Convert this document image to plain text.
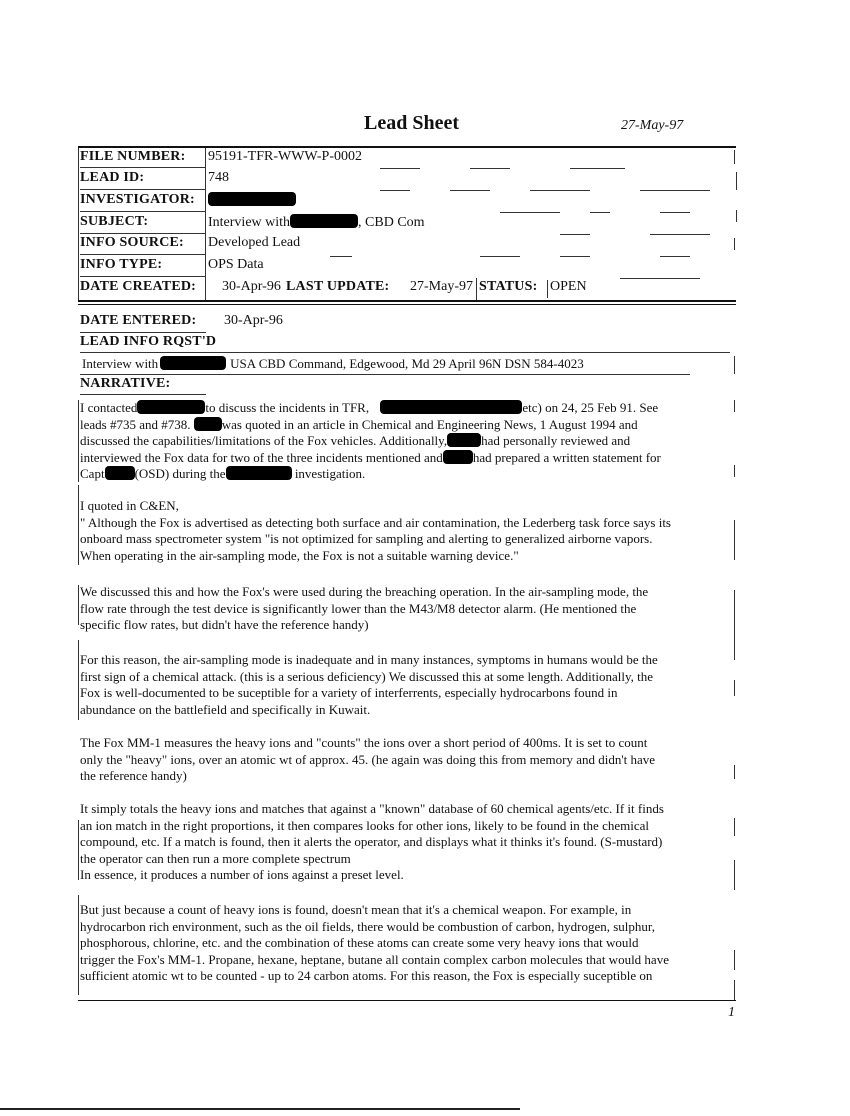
Lead Sheet	27-May-97
FILE NUMBER: 95191-TFR-WWW-P-0002
LEAD ID:	748
INVESTIGATOR:
SUBJECT:	Interview with	, CBD Com
INFO SOURCE: Developed Lead
INFO TYPE:	OPS Data
DATE CREATED: 30-Apr-96 LAST UPDATE: 27-May-97 STATUS: OPEN
DATE ENTERED: 30-Apr-96
LEAD INFO RQST'D
Interview with	USA CBD Command, Edgewood, Md 29 April 96N DSN 584-4023
NARRATIVE:
I contacted	to discuss the incidents in TFR,	etc) on 24, 25 Feb 91. See
leads #735 and #738. was quoted in an article in Chemical and Engineering News, 1 August 1994 and
discussed the capabilities/limitations of the Fox vehicles. Additionally,	had personally reviewed and
interviewed the Fox data for two of the three incidents mentioned and had prepared a written statement for
Capt (OSD) during the	investigation.
I quoted in C&EN,
" Although the Fox is advertised as detecting both surface and air contamination, the Lederberg task force says its
onboard mass spectrometer system "is not optimized for sampling and alerting to generalized airborne vapors.
When operating in the air-sampling mode, the Fox is not a suitable warning device."
We discussed this and how the Fox's were used during the breaching operation. In the air-sampling mode, the
flow rate through the test device is significantly lower than the M43/M8 detector alarm. (He mentioned the
specific flow rates, but didn't have the reference handy)
For this reason, the air-sampling mode is inadequate and in many instances, symptoms in humans would be the
first sign of a chemical attack. (this is a serious deficiency) We discussed this at some length. Additionally, the
Fox is well-documented to be suceptible for a variety of interferrents, especially hydrocarbons found in
abundance on the battlefield and specifically in Kuwait.
The Fox MM-1 measures the heavy ions and "counts" the ions over a short period of 400ms. It is set to count
only the "heavy" ions, over an atomic wt of approx. 45. (he again was doing this from memory and didn't have
the reference handy)
It simply totals the heavy ions and matches that against a "known" database of 60 chemical agents/etc. If it finds
an ion match in the right proportions, it then compares looks for other ions, likely to be found in the chemical
compound, etc. If a match is found, then it alerts the operator, and displays what it thinks it's found. (S-mustard)
the operator can then run a more complete spectrum
In essence, it produces a number of ions against a preset level.
But just because a count of heavy ions is found, doesn't mean that it's a chemical weapon. For example, in
hydrocarbon rich environment, such as the oil fields, there would be combustion of carbon, hydrogen, sulphur,
phosphorous, chlorine, etc. and the combination of these atoms can create some very heavy ions that would
trigger the Fox's MM-1. Propane, hexane, heptane, butane all contain complex carbon molecules that would have
sufficient atomic wt to be counted - up to 24 carbon atoms. For this reason, the Fox is especially suceptible on
1
